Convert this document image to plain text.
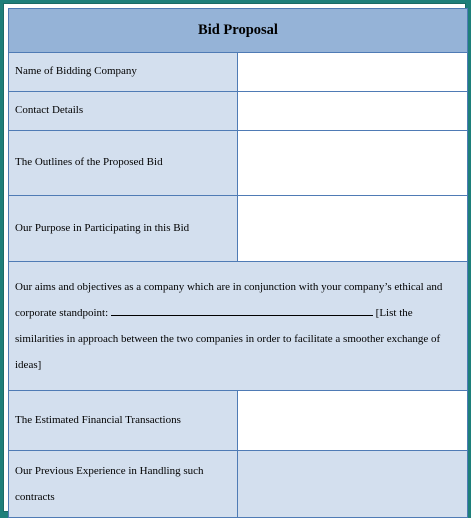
Bid Proposal	
Name of Bidding Company	
Contact Details	
The Outlines of the Proposed Bid	
Our Purpose in Participating in this Bid	
Our aims and objectives as a company which are in conjunction with your company’s ethical and corporate standpoint: [List the similarities in approach between the two companies in order to facilitate a smoother exchange of ideas]	
The Estimated Financial Transactions	
Our Previous Experience in Handling such contracts	
